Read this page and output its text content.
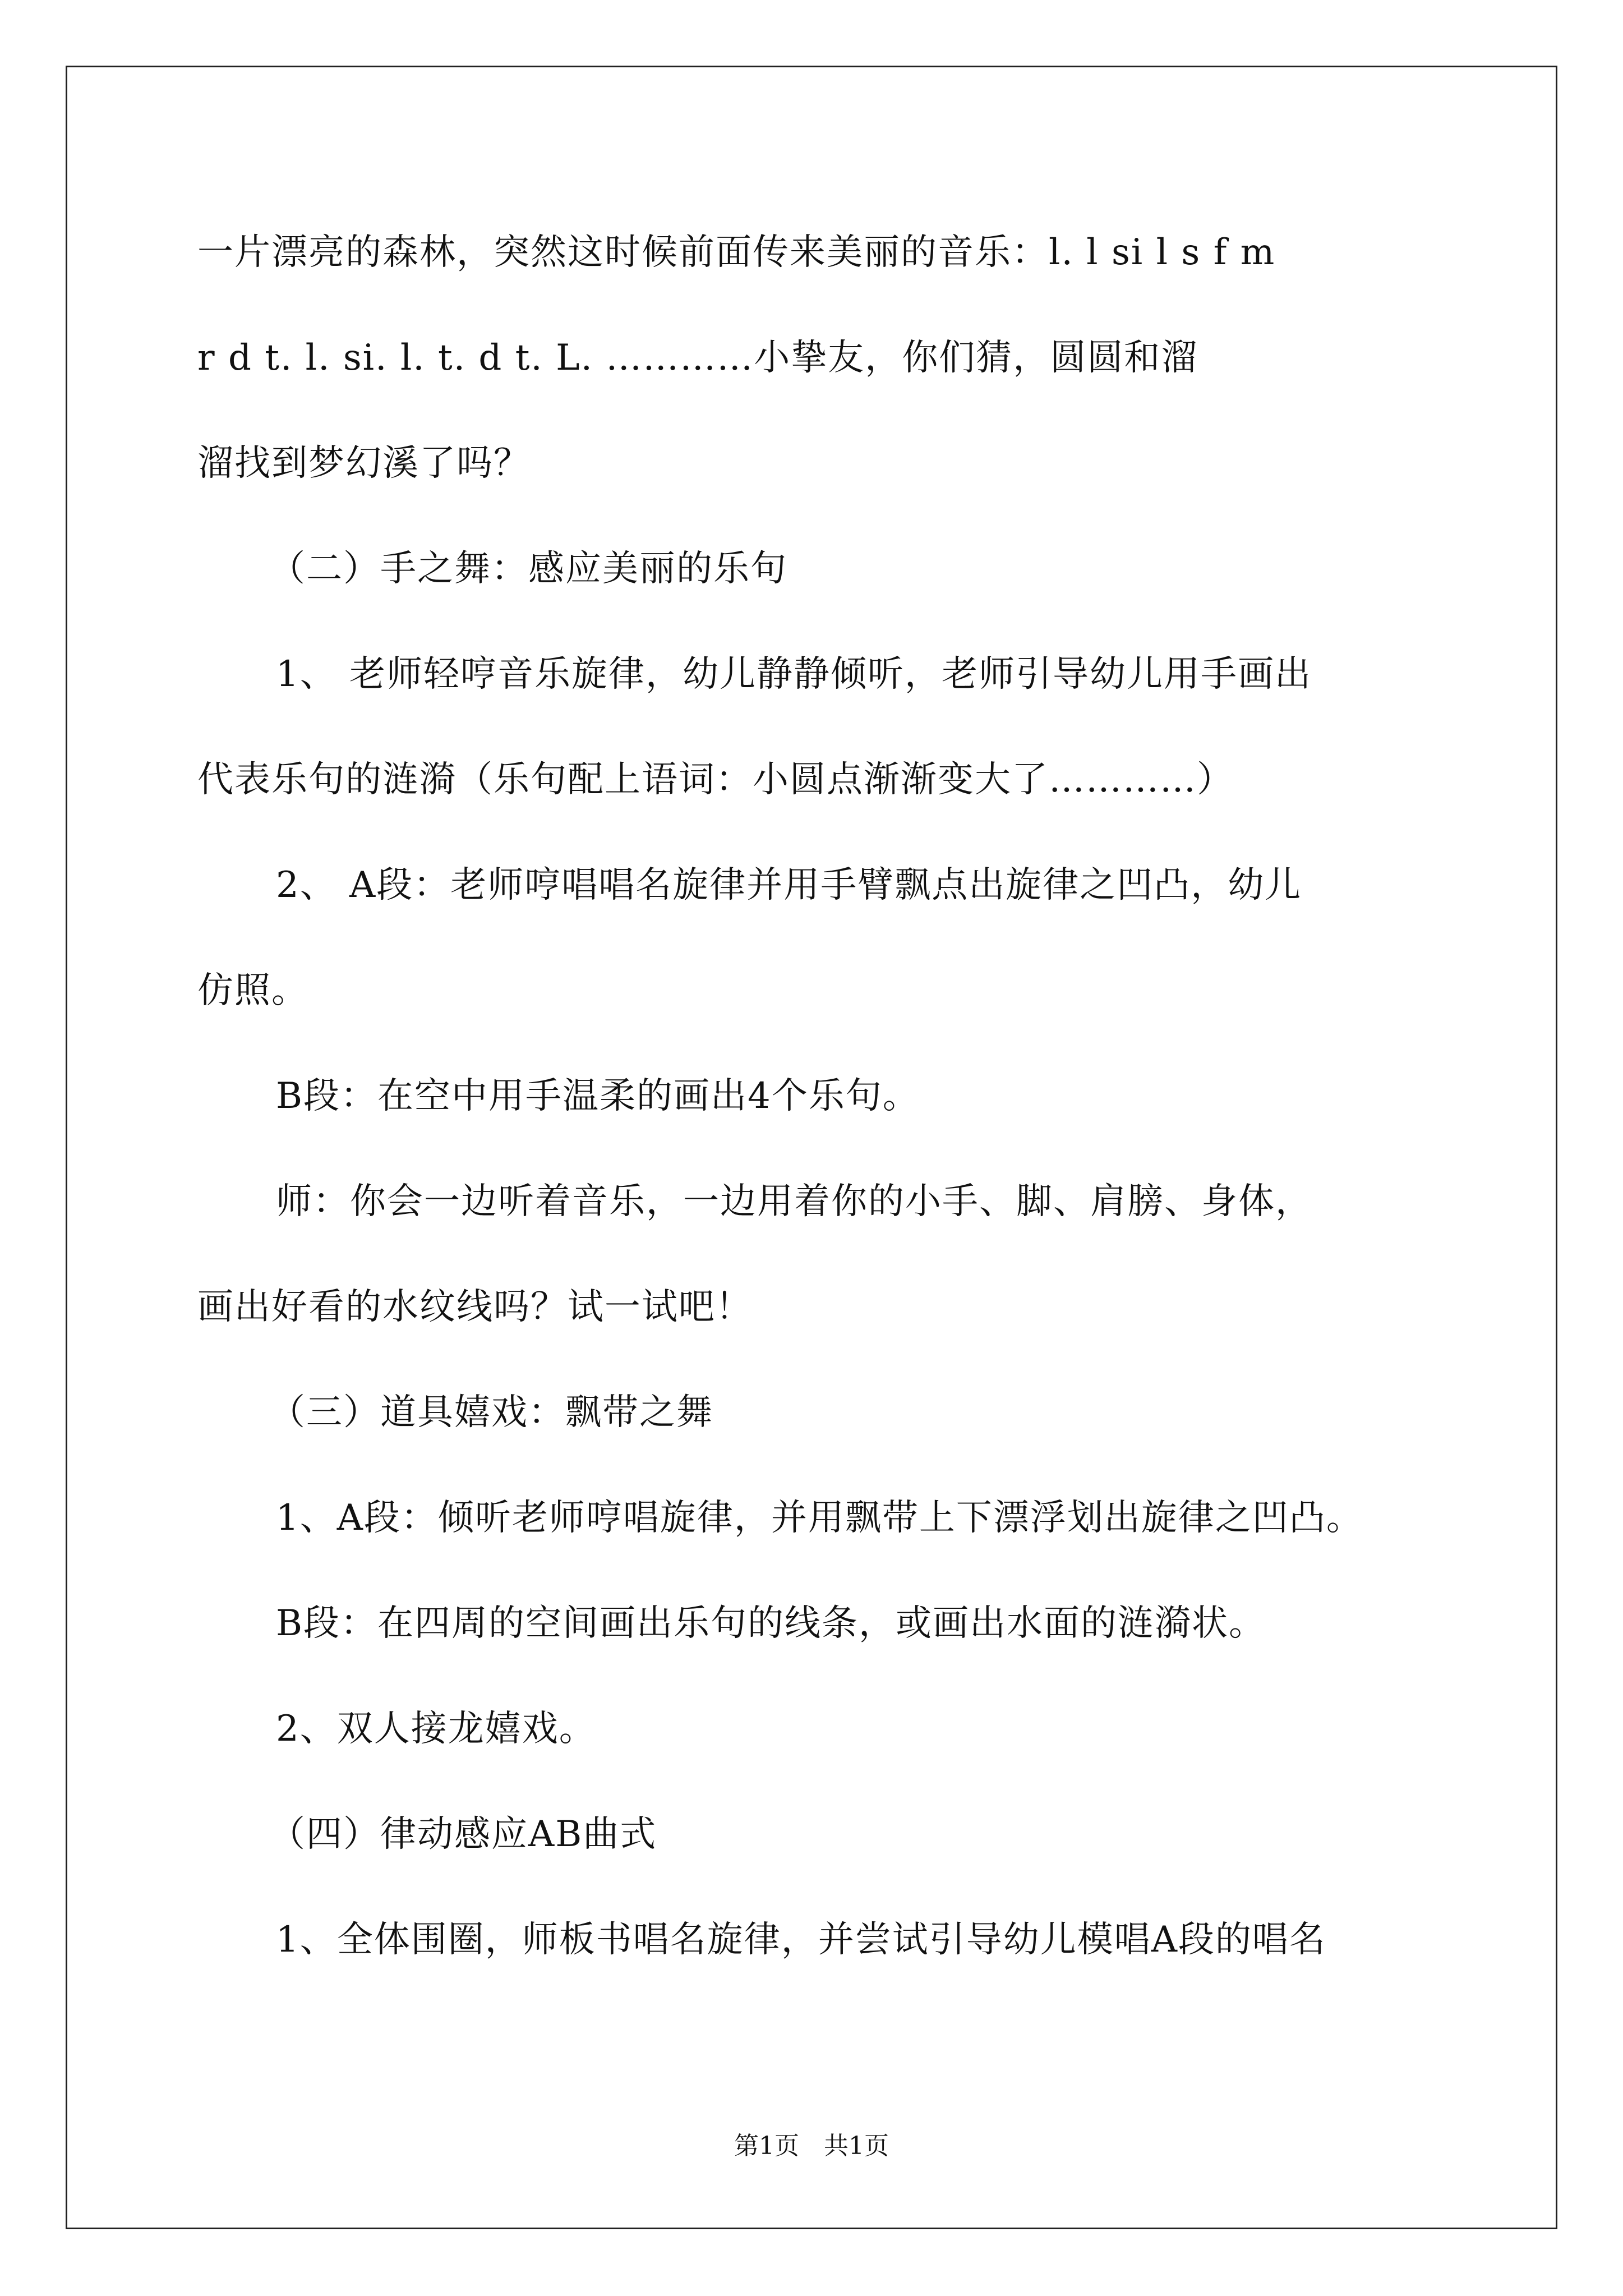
一片漂亮的森林，突然这时候前面传来美丽的音乐：l. l si l s f m
r d t. l. si. l. t. d t. L. …………小挚友，你们猜，圆圆和溜
溜找到梦幻溪了吗？
（二）手之舞：感应美丽的乐句
1、 老师轻哼音乐旋律，幼儿静静倾听，老师引导幼儿用手画出
代表乐句的涟漪（乐句配上语词：小圆点渐渐变大了…………）
2、 A段：老师哼唱唱名旋律并用手臂飘点出旋律之凹凸，幼儿
仿照。
B段：在空中用手温柔的画出4个乐句。
师：你会一边听着音乐，一边用着你的小手、脚、肩膀、身体，
画出好看的水纹线吗？试一试吧！
（三）道具嬉戏：飘带之舞
1、A段：倾听老师哼唱旋律，并用飘带上下漂浮划出旋律之凹凸。
B段：在四周的空间画出乐句的线条，或画出水面的涟漪状。
2、双人接龙嬉戏。
（四）律动感应AB曲式
1、全体围圈，师板书唱名旋律，并尝试引导幼儿模唱A段的唱名
第1页　共1页
